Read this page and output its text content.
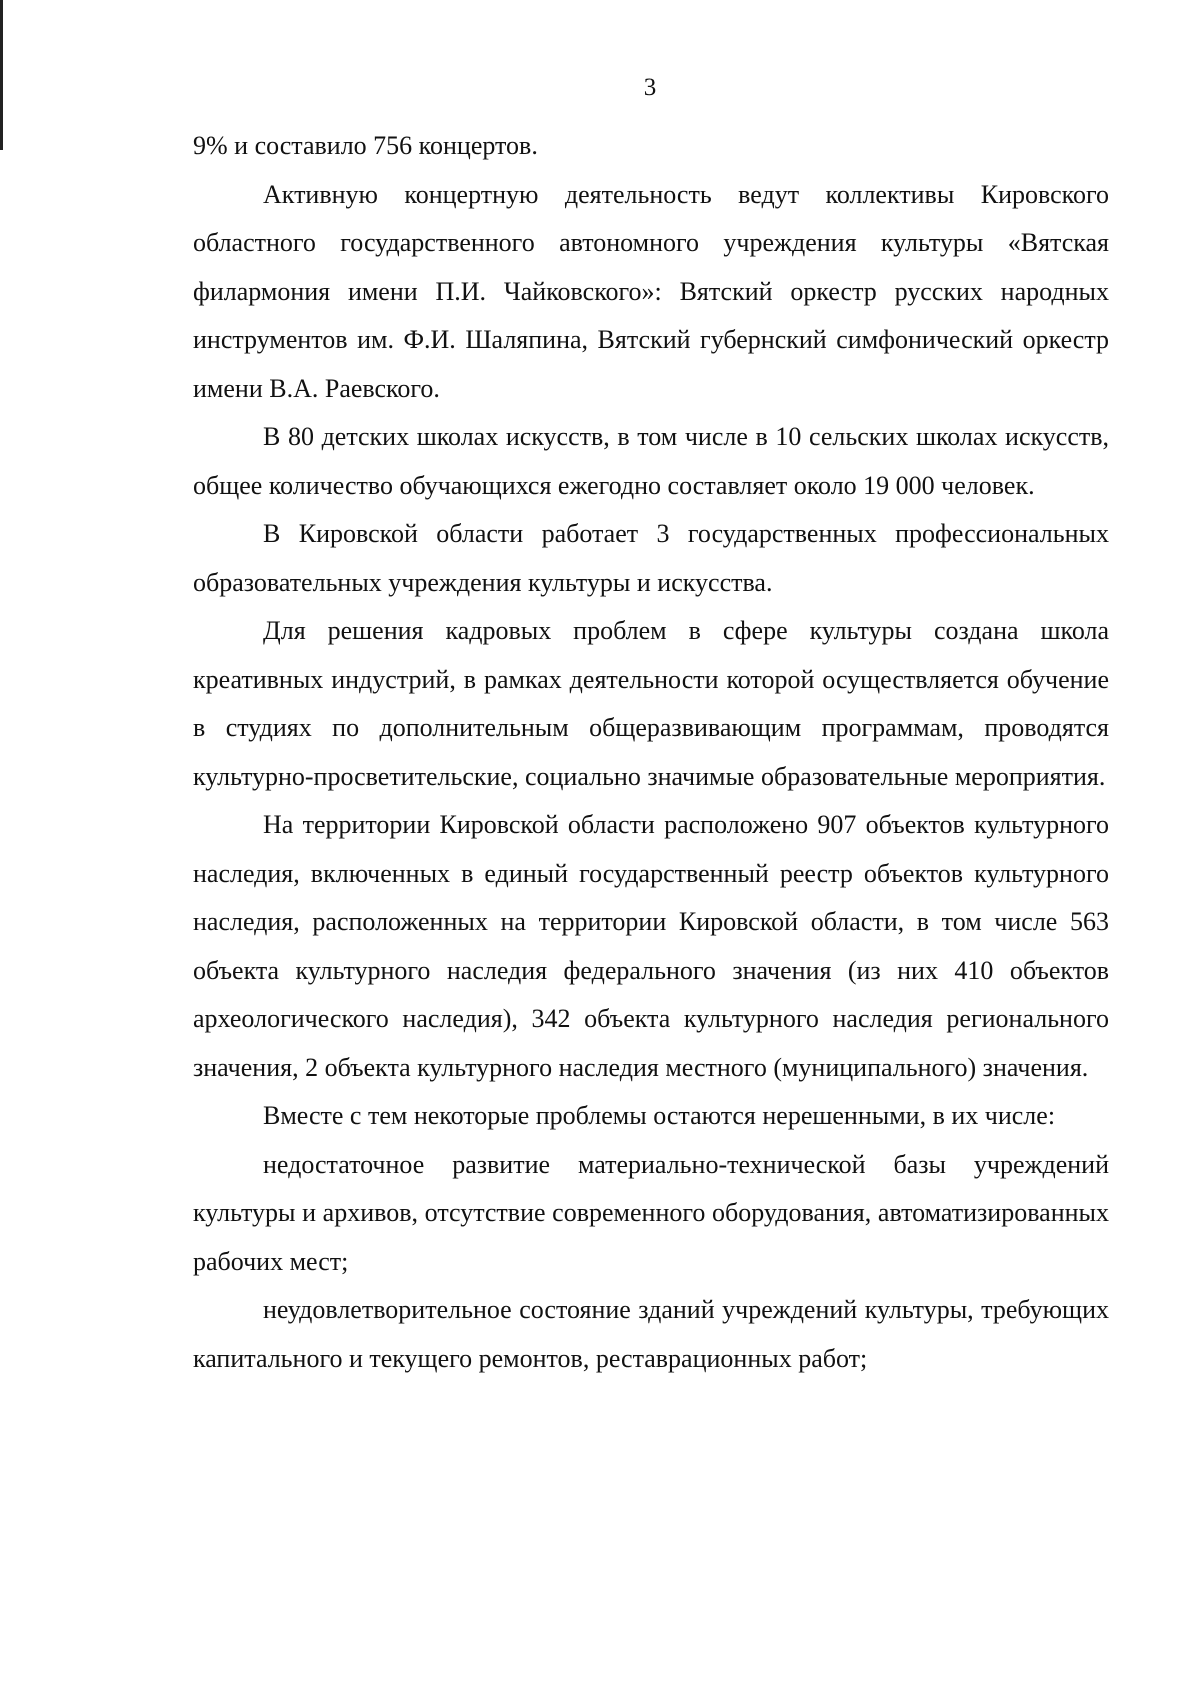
3

9% и составило 756 концертов.

Активную концертную деятельность ведут коллективы Кировского областного государственного автономного учреждения культуры «Вятская филармония имени П.И. Чайковского»: Вятский оркестр русских народных инструментов им. Ф.И. Шаляпина, Вятский губернский симфонический оркестр имени В.А. Раевского.

В 80 детских школах искусств, в том числе в 10 сельских школах искусств, общее количество обучающихся ежегодно составляет около 19 000 человек.

В Кировской области работает 3 государственных профессиональных образовательных учреждения культуры и искусства.

Для решения кадровых проблем в сфере культуры создана школа креативных индустрий, в рамках деятельности которой осуществляется обучение в студиях по дополнительным общеразвивающим программам, проводятся культурно-просветительские, социально значимые образовательные мероприятия.

На территории Кировской области расположено 907 объектов культурного наследия, включенных в единый государственный реестр объектов культурного наследия, расположенных на территории Кировской области, в том числе 563 объекта культурного наследия федерального значения (из них 410 объектов археологического наследия), 342 объекта культурного наследия регионального значения, 2 объекта культурного наследия местного (муниципального) значения.

Вместе с тем некоторые проблемы остаются нерешенными, в их числе:

недостаточное развитие материально-технической базы учреждений культуры и архивов, отсутствие современного оборудования, автоматизированных рабочих мест;

неудовлетворительное состояние зданий учреждений культуры, требующих капитального и текущего ремонтов, реставрационных работ;
